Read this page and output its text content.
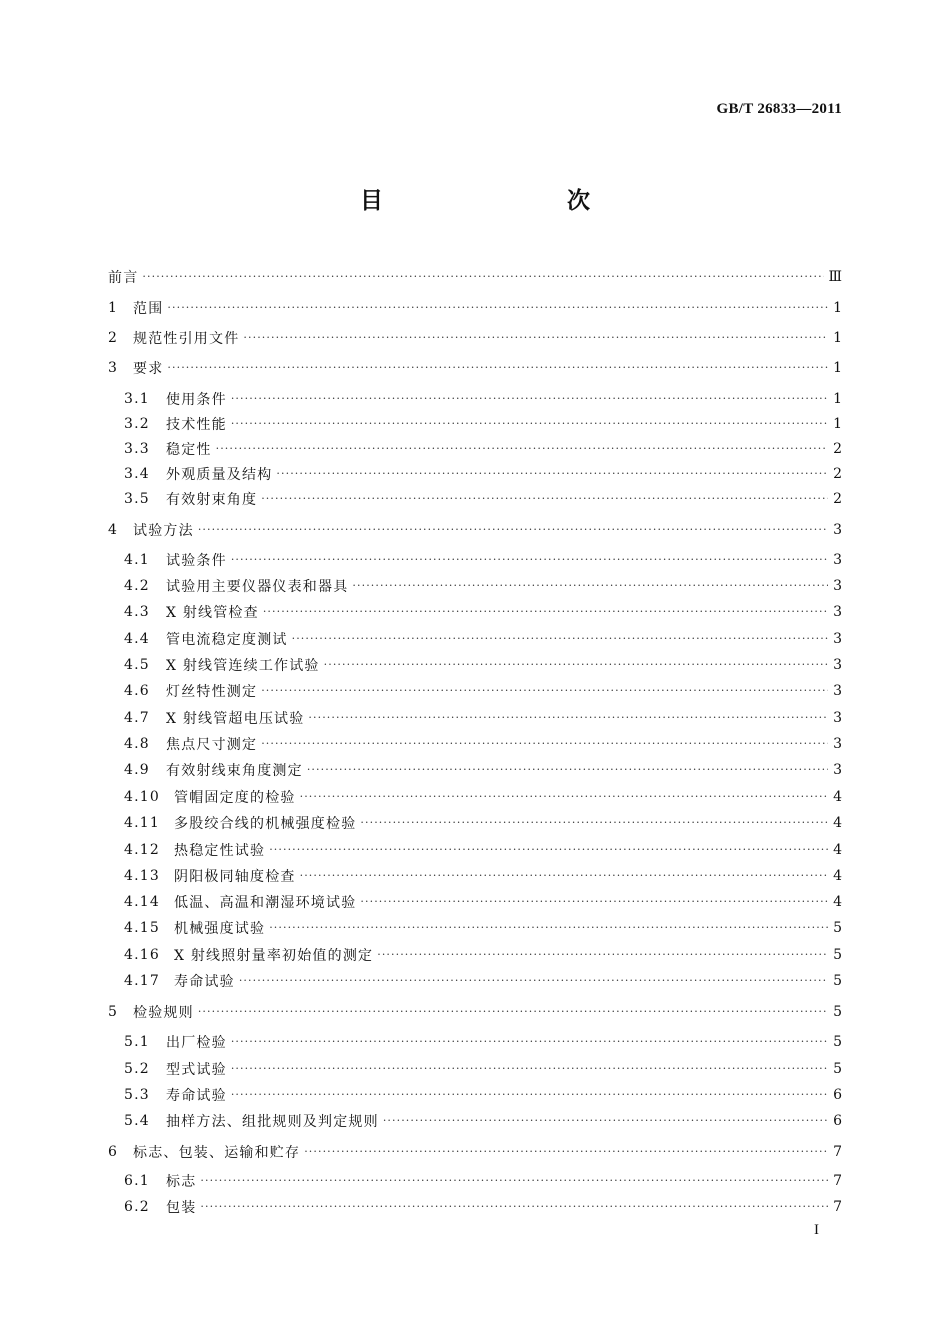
GB/T 26833—2011
目　　次
前言 ·····	Ⅲ
1	范围 ·····	1
2	规范性引用文件 ·····	1
3	要求 ·····	1
3.1	使用条件 ·····	1
3.2	技术性能 ·····	1
3.3	稳定性 ·····	2
3.4	外观质量及结构 ·····	2
3.5	有效射束角度 ·····	2
4	试验方法 ·····	3
4.1	试验条件 ·····	3
4.2	试验用主要仪器仪表和器具 ·····	3
4.3	X 射线管检查 ·····	3
4.4	管电流稳定度测试 ·····	3
4.5	X 射线管连续工作试验 ·····	3
4.6	灯丝特性测定 ·····	3
4.7	X 射线管超电压试验 ·····	3
4.8	焦点尺寸测定 ·····	3
4.9	有效射线束角度测定 ·····	3
4.10	管帽固定度的检验 ·····	4
4.11	多股绞合线的机械强度检验 ·····	4
4.12	热稳定性试验 ·····	4
4.13	阴阳极同轴度检查 ·····	4
4.14	低温、高温和潮湿环境试验 ·····	4
4.15	机械强度试验 ·····	5
4.16	X 射线照射量率初始值的测定 ·····	5
4.17	寿命试验 ·····	5
5	检验规则 ·····	5
5.1	出厂检验 ·····	5
5.2	型式试验 ·····	5
5.3	寿命试验 ·····	6
5.4	抽样方法、组批规则及判定规则 ·····	6
6	标志、包装、运输和贮存 ·····	7
6.1	标志 ·····	7
6.2	包装 ·····	7
I
